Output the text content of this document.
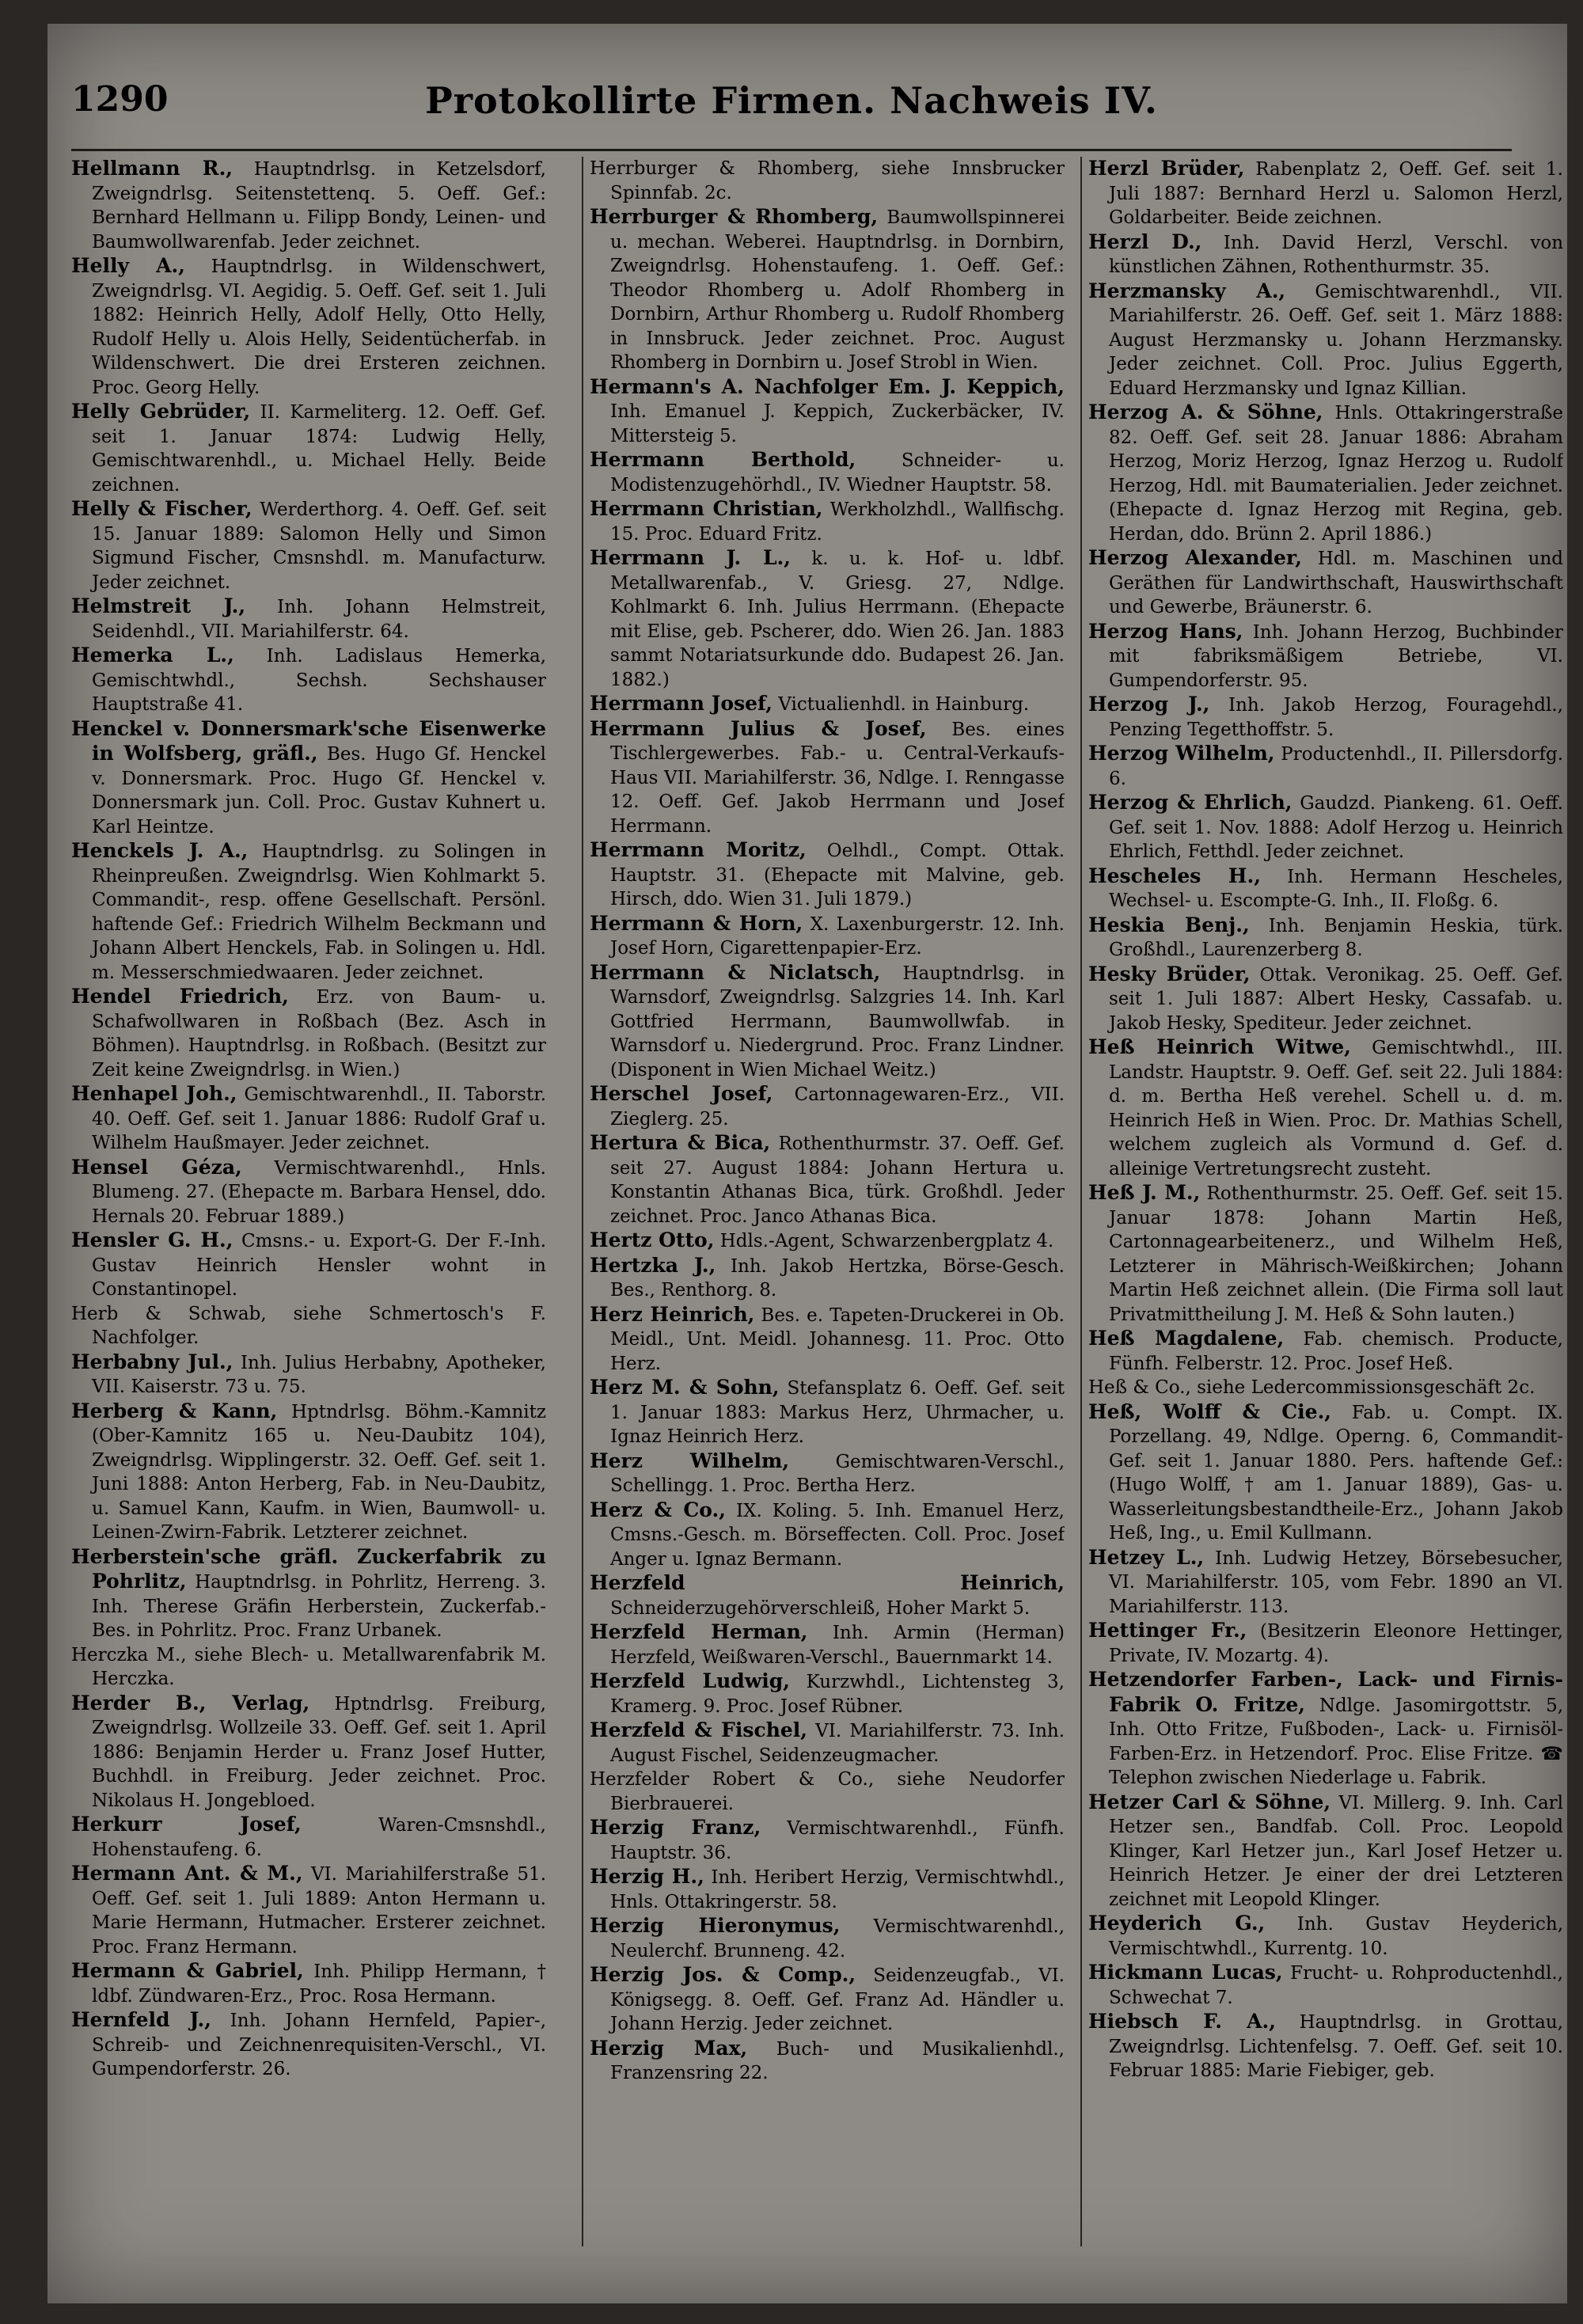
Protokollirte Firmen. Nachweis IV.
1290
Hellmann R., Hauptndrlsg. in Ketzelsdorf, Zweigndrlsg. Seitenstettenq. 5. Oeff. Gef.: Bernhard Hellmann u. Filipp Bondy, Leinen- und Baumwollwarenfab. Jeder zeichnet.
Helly A., Hauptndrlsg. in Wildenschwert, Zweigndrlsg. VI. Aegidig. 5. Oeff. Gef. seit 1. Juli 1882: Heinrich Helly, Adolf Helly, Otto Helly, Rudolf Helly u. Alois Helly, Seidentücherfab. in Wildenschwert. Die drei Ersteren zeichnen. Proc. Georg Helly.
Helly Gebrüder, II. Karmeliterg. 12. Oeff. Gef. seit 1. Januar 1874: Ludwig Helly, Gemischtwarenhdl., u. Michael Helly. Beide zeichnen.
Helly & Fischer, Werderthorg. 4. Oeff. Gef. seit 15. Januar 1889: Salomon Helly und Simon Sigmund Fischer, Cmsnshdl. m. Manufacturw. Jeder zeichnet.
Helmstreit J., Inh. Johann Helmstreit, Seidenhdl., VII. Mariahilferstr. 64.
Hemerka L., Inh. Ladislaus Hemerka, Gemischtwhdl., Sechsh. Sechshauser Hauptstraße 41.
Henckel v. Donnersmark'sche Eisenwerke in Wolfsberg, gräfl., Bes. Hugo Gf. Henckel v. Donnersmark. Proc. Hugo Gf. Henckel v. Donnersmark jun. Coll. Proc. Gustav Kuhnert u. Karl Heintze.
Henckels J. A., Hauptndrlsg. zu Solingen in Rheinpreußen. Zweigndrlsg. Wien Kohlmarkt 5. Commandit-, resp. offene Gesellschaft. Persönl. haftende Gef.: Friedrich Wilhelm Beckmann und Johann Albert Henckels, Fab. in Solingen u. Hdl. m. Messerschmiedwaaren. Jeder zeichnet.
Hendel Friedrich, Erz. von Baum- u. Schafwollwaren in Roßbach (Bez. Asch in Böhmen). Hauptndrlsg. in Roßbach. (Besitzt zur Zeit keine Zweigndrlsg. in Wien.)
Henhapel Joh., Gemischtwarenhdl., II. Taborstr. 40. Oeff. Gef. seit 1. Januar 1886: Rudolf Graf u. Wilhelm Haußmayer. Jeder zeichnet.
Hensel Géza, Vermischtwarenhdl., Hnls. Blumeng. 27. (Ehepacte m. Barbara Hensel, ddo. Hernals 20. Februar 1889.)
Hensler G. H., Cmsns.- u. Export-G. Der F.-Inh. Gustav Heinrich Hensler wohnt in Constantinopel.
Herb & Schwab, siehe Schmertosch's F. Nachfolger.
Herbabny Jul., Inh. Julius Herbabny, Apotheker, VII. Kaiserstr. 73 u. 75.
Herberg & Kann, Hptndrlsg. Böhm.-Kamnitz (Ober-Kamnitz 165 u. Neu-Daubitz 104), Zweigndrlsg. Wipplingerstr. 32. Oeff. Gef. seit 1. Juni 1888: Anton Herberg, Fab. in Neu-Daubitz, u. Samuel Kann, Kaufm. in Wien, Baumwoll- u. Leinen-Zwirn-Fabrik. Letzterer zeichnet.
Herberstein'sche gräfl. Zuckerfabrik zu Pohrlitz, Hauptndrlsg. in Pohrlitz, Herreng. 3. Inh. Therese Gräfin Herberstein, Zuckerfab.-Bes. in Pohrlitz. Proc. Franz Urbanek.
Herczka M., siehe Blech- u. Metallwarenfabrik M. Herczka.
Herder B., Verlag, Hptndrlsg. Freiburg, Zweigndrlsg. Wollzeile 33. Oeff. Gef. seit 1. April 1886: Benjamin Herder u. Franz Josef Hutter, Buchhdl. in Freiburg. Jeder zeichnet. Proc. Nikolaus H. Jongebloed.
Herkurr Josef,	Waren-Cmsnshdl., Hohenstaufeng. 6.
Hermann Ant. & M., VI. Mariahilferstraße 51. Oeff. Gef. seit 1. Juli 1889: Anton Hermann u. Marie Hermann, Hutmacher. Ersterer zeichnet. Proc. Franz Hermann.
Hermann & Gabriel, Inh. Philipp Hermann, † ldbf. Zündwaren-Erz., Proc. Rosa Hermann.
Hernfeld J., Inh. Johann Hernfeld, Papier-, Schreib- und Zeichnenrequisiten-Verschl., VI. Gumpendorferstr. 26.
Herrburger & Rhomberg, siehe Innsbrucker Spinnfab. 2c.
Herrburger & Rhomberg, Baumwollspinnerei u. mechan. Weberei. Hauptndrlsg. in Dornbirn, Zweigndrlsg. Hohenstaufeng. 1. Oeff. Gef.: Theodor Rhomberg u. Adolf Rhomberg in Dornbirn, Arthur Rhomberg u. Rudolf Rhomberg in Innsbruck. Jeder zeichnet. Proc. August Rhomberg in Dornbirn u. Josef Strobl in Wien.
Hermann's A. Nachfolger Em. J. Keppich, Inh. Emanuel J. Keppich, Zuckerbäcker, IV. Mittersteig 5.
Herrmann Berthold,	Schneider- u. Modistenzugehörhdl., IV. Wiedner Hauptstr. 58.
Herrmann Christian, Werkholzhdl., Wallfischg. 15. Proc. Eduard Fritz.
Herrmann J. L., k. u. k. Hof- u. ldbf. Metallwarenfab., V. Griesg. 27, Ndlge. Kohlmarkt 6. Inh. Julius Herrmann. (Ehepacte mit Elise, geb. Pscherer, ddo. Wien 26. Jan. 1883 sammt Notariatsurkunde ddo. Budapest 26. Jan. 1882.)
Herrmann Josef, Victualienhdl. in Hainburg.
Herrmann Julius & Josef, Bes. eines Tischlergewerbes. Fab.- u. Central-Verkaufs-Haus VII. Mariahilferstr. 36, Ndlge. I. Renngasse 12. Oeff. Gef. Jakob Herrmann und Josef Herrmann.
Herrmann Moritz, Oelhdl., Compt. Ottak. Hauptstr. 31. (Ehepacte mit Malvine, geb. Hirsch, ddo. Wien 31. Juli 1879.)
Herrmann & Horn, X. Laxenburgerstr. 12. Inh. Josef Horn, Cigarettenpapier-Erz.
Herrmann & Niclatsch, Hauptndrlsg. in Warnsdorf, Zweigndrlsg. Salzgries 14. Inh. Karl Gottfried Herrmann, Baumwollwfab. in Warnsdorf u. Niedergrund. Proc. Franz Lindner. (Disponent in Wien Michael Weitz.)
Herschel Josef, Cartonnagewaren-Erz., VII. Zieglerg. 25.
Hertura & Bica, Rothenthurmstr. 37. Oeff. Gef. seit 27. August 1884: Johann Hertura u. Konstantin Athanas Bica, türk. Großhdl. Jeder zeichnet. Proc. Janco Athanas Bica.
Hertz Otto, Hdls.-Agent, Schwarzenbergplatz 4.
Hertzka J., Inh. Jakob Hertzka, Börse-Gesch. Bes., Renthorg. 8.
Herz Heinrich, Bes. e. Tapeten-Druckerei in Ob. Meidl., Unt. Meidl. Johannesg. 11. Proc. Otto Herz.
Herz M. & Sohn, Stefansplatz 6. Oeff. Gef. seit 1. Januar 1883: Markus Herz, Uhrmacher, u. Ignaz Heinrich Herz.
Herz Wilhelm,	Gemischtwaren-Verschl., Schellingg. 1. Proc. Bertha Herz.
Herz & Co., IX. Koling. 5. Inh. Emanuel Herz, Cmsns.-Gesch. m. Börseffecten. Coll. Proc. Josef Anger u. Ignaz Bermann.
Herzfeld Heinrich, Schneiderzugehörverschleiß, Hoher Markt 5.
Herzfeld Herman, Inh. Armin (Herman) Herzfeld, Weißwaren-Verschl., Bauernmarkt 14.
Herzfeld Ludwig, Kurzwhdl., Lichtensteg 3, Kramerg. 9. Proc. Josef Rübner.
Herzfeld & Fischel, VI. Mariahilferstr. 73. Inh. August Fischel, Seidenzeugmacher.
Herzfelder Robert & Co., siehe Neudorfer Bierbrauerei.
Herzig Franz, Vermischtwarenhdl., Fünfh. Hauptstr. 36.
Herzig H., Inh. Heribert Herzig, Vermischtwhdl., Hnls. Ottakringerstr. 58.
Herzig Hieronymus, Vermischtwarenhdl., Neulerchf. Brunneng. 42.
Herzig Jos. & Comp., Seidenzeugfab., VI. Königsegg. 8. Oeff. Gef. Franz Ad. Händler u. Johann Herzig. Jeder zeichnet.
Herzig Max, Buch- und Musikalienhdl., Franzensring 22.
Herzl Brüder, Rabenplatz 2, Oeff. Gef. seit 1. Juli 1887: Bernhard Herzl u. Salomon Herzl, Goldarbeiter. Beide zeichnen.
Herzl D., Inh. David Herzl, Verschl. von künstlichen Zähnen, Rothenthurmstr. 35.
Herzmansky A., Gemischtwarenhdl., VII. Mariahilferstr. 26. Oeff. Gef. seit 1. März 1888: August Herzmansky u. Johann Herzmansky. Jeder zeichnet. Coll. Proc. Julius Eggerth, Eduard Herzmansky und Ignaz Killian.
Herzog A. & Söhne, Hnls. Ottakringerstraße 82. Oeff. Gef. seit 28. Januar 1886: Abraham Herzog, Moriz Herzog, Ignaz Herzog u. Rudolf Herzog, Hdl. mit Baumaterialien. Jeder zeichnet. (Ehepacte d. Ignaz Herzog mit Regina, geb. Herdan, ddo. Brünn 2. April 1886.)
Herzog Alexander, Hdl. m. Maschinen und Geräthen für Landwirthschaft, Hauswirthschaft und Gewerbe, Bräunerstr. 6.
Herzog Hans, Inh. Johann Herzog, Buchbinder mit fabriksmäßigem Betriebe, VI. Gumpendorferstr. 95.
Herzog J., Inh. Jakob Herzog, Fouragehdl., Penzing Tegetthoffstr. 5.
Herzog Wilhelm, Productenhdl., II. Pillersdorfg. 6.
Herzog & Ehrlich, Gaudzd. Piankeng. 61. Oeff. Gef. seit 1. Nov. 1888: Adolf Herzog u. Heinrich Ehrlich, Fetthdl. Jeder zeichnet.
Hescheles H., Inh. Hermann Hescheles, Wechsel- u. Escompte-G. Inh., II. Floßg. 6.
Heskia Benj., Inh. Benjamin Heskia, türk. Großhdl., Laurenzerberg 8.
Hesky Brüder, Ottak. Veronikag. 25. Oeff. Gef. seit 1. Juli 1887: Albert Hesky, Cassafab. u. Jakob Hesky, Spediteur. Jeder zeichnet.
Heß Heinrich Witwe, Gemischtwhdl., III. Landstr. Hauptstr. 9. Oeff. Gef. seit 22. Juli 1884: d. m. Bertha Heß verehel. Schell u. d. m. Heinrich Heß in Wien. Proc. Dr. Mathias Schell, welchem zugleich als Vormund d. Gef. d. alleinige Vertretungsrecht zusteht.
Heß J. M., Rothenthurmstr. 25. Oeff. Gef. seit 15. Januar 1878: Johann Martin Heß, Cartonnagearbeitenerz., und Wilhelm Heß, Letzterer in Mährisch-Weißkirchen; Johann Martin Heß zeichnet allein. (Die Firma soll laut Privatmittheilung J. M. Heß & Sohn lauten.)
Heß Magdalene, Fab. chemisch. Producte, Fünfh. Felberstr. 12. Proc. Josef Heß.
Heß & Co., siehe Ledercommissionsgeschäft 2c.
Heß, Wolff & Cie., Fab. u. Compt. IX. Porzellang. 49, Ndlge. Operng. 6, Commandit-Gef. seit 1. Januar 1880. Pers. haftende Gef.: (Hugo Wolff, † am 1. Januar 1889), Gas- u. Wasserleitungsbestandtheile-Erz., Johann Jakob Heß, Ing., u. Emil Kullmann.
Hetzey L., Inh. Ludwig Hetzey, Börsebesucher, VI. Mariahilferstr. 105, vom Febr. 1890 an VI. Mariahilferstr. 113.
Hettinger Fr., (Besitzerin Eleonore Hettinger, Private, IV. Mozartg. 4).
Hetzendorfer Farben-, Lack- und Firnis-Fabrik O. Fritze, Ndlge. Jasomirgottstr. 5, Inh. Otto Fritze, Fußboden-, Lack- u. Firnisöl-Farben-Erz. in Hetzendorf. Proc. Elise Fritze. ☎ Telephon zwischen Niederlage u. Fabrik.
Hetzer Carl & Söhne, VI. Millerg. 9. Inh. Carl Hetzer sen., Bandfab. Coll. Proc. Leopold Klinger, Karl Hetzer jun., Karl Josef Hetzer u. Heinrich Hetzer. Je einer der drei Letzteren zeichnet mit Leopold Klinger.
Heyderich G., Inh. Gustav Heyderich, Vermischtwhdl., Kurrentg. 10.
Hickmann Lucas, Frucht- u. Rohproductenhdl., Schwechat 7.
Hiebsch F. A., Hauptndrlsg. in Grottau, Zweigndrlsg. Lichtenfelsg. 7. Oeff. Gef. seit 10. Februar 1885: Marie Fiebiger, geb.
